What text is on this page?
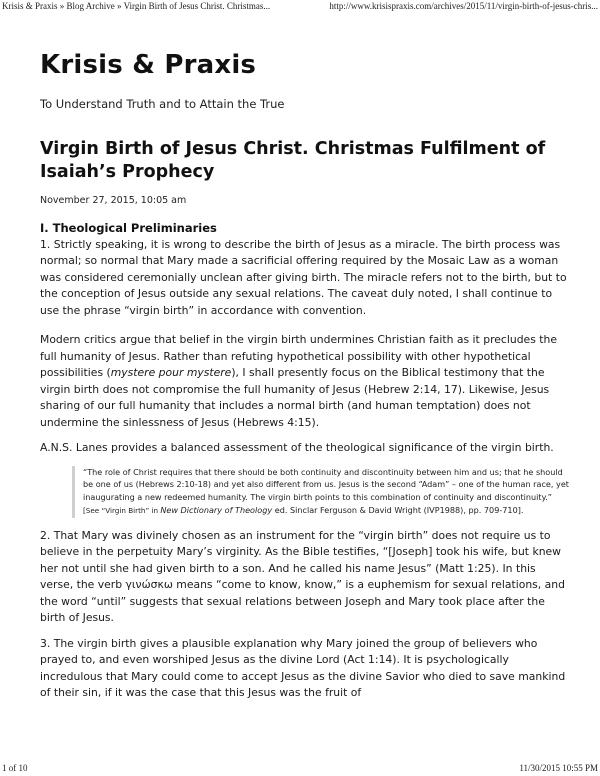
Krisis & Praxis » Blog Archive » Virgin Birth of Jesus Christ. Christmas...	http://www.krisispraxis.com/archives/2015/11/virgin-birth-of-jesus-chris...
Krisis & Praxis

To Understand Truth and to Attain the True

Virgin Birth of Jesus Christ. Christmas Fulfilment of Isaiah’s Prophecy

November 27, 2015, 10:05 am

I. Theological Preliminaries

1. Strictly speaking, it is wrong to describe the birth of Jesus as a miracle. The birth process was normal; so normal that Mary made a sacrificial offering required by the Mosaic Law as a woman was considered ceremonially unclean after giving birth. The miracle refers not to the birth, but to the conception of Jesus outside any sexual relations. The caveat duly noted, I shall continue to use the phrase “virgin birth” in accordance with convention.

Modern critics argue that belief in the virgin birth undermines Christian faith as it precludes the full humanity of Jesus. Rather than refuting hypothetical possibility with other hypothetical possibilities (mystere pour mystere), I shall presently focus on the Biblical testimony that the virgin birth does not compromise the full humanity of Jesus (Hebrew 2:14, 17). Likewise, Jesus sharing of our full humanity that includes a normal birth (and human temptation) does not undermine the sinlessness of Jesus (Hebrews 4:15).

A.N.S. Lanes provides a balanced assessment of the theological significance of the virgin birth.

“The role of Christ requires that there should be both continuity and discontinuity between him and us; that he should be one of us (Hebrews 2:10-18) and yet also different from us. Jesus is the second “Adam” – one of the human race, yet inaugurating a new redeemed humanity. The virgin birth points to this combination of continuity and discontinuity.” [See “Virgin Birth” in New Dictionary of Theology ed. Sinclar Ferguson & David Wright (IVP1988), pp. 709-710].

2. That Mary was divinely chosen as an instrument for the “virgin birth” does not require us to believe in the perpetuity Mary’s virginity. As the Bible testifies, “[Joseph] took his wife, but knew her not until she had given birth to a son. And he called his name Jesus” (Matt 1:25). In this verse, the verb γινώσκω means “come to know, know,” is a euphemism for sexual relations, and the word “until” suggests that sexual relations between Joseph and Mary took place after the birth of Jesus.

3. The virgin birth gives a plausible explanation why Mary joined the group of believers who prayed to, and even worshiped Jesus as the divine Lord (Act 1:14). It is psychologically incredulous that Mary could come to accept Jesus as the divine Savior who died to save mankind of their sin, if it was the case that this Jesus was the fruit of

1 of 10	11/30/2015 10:55 PM
